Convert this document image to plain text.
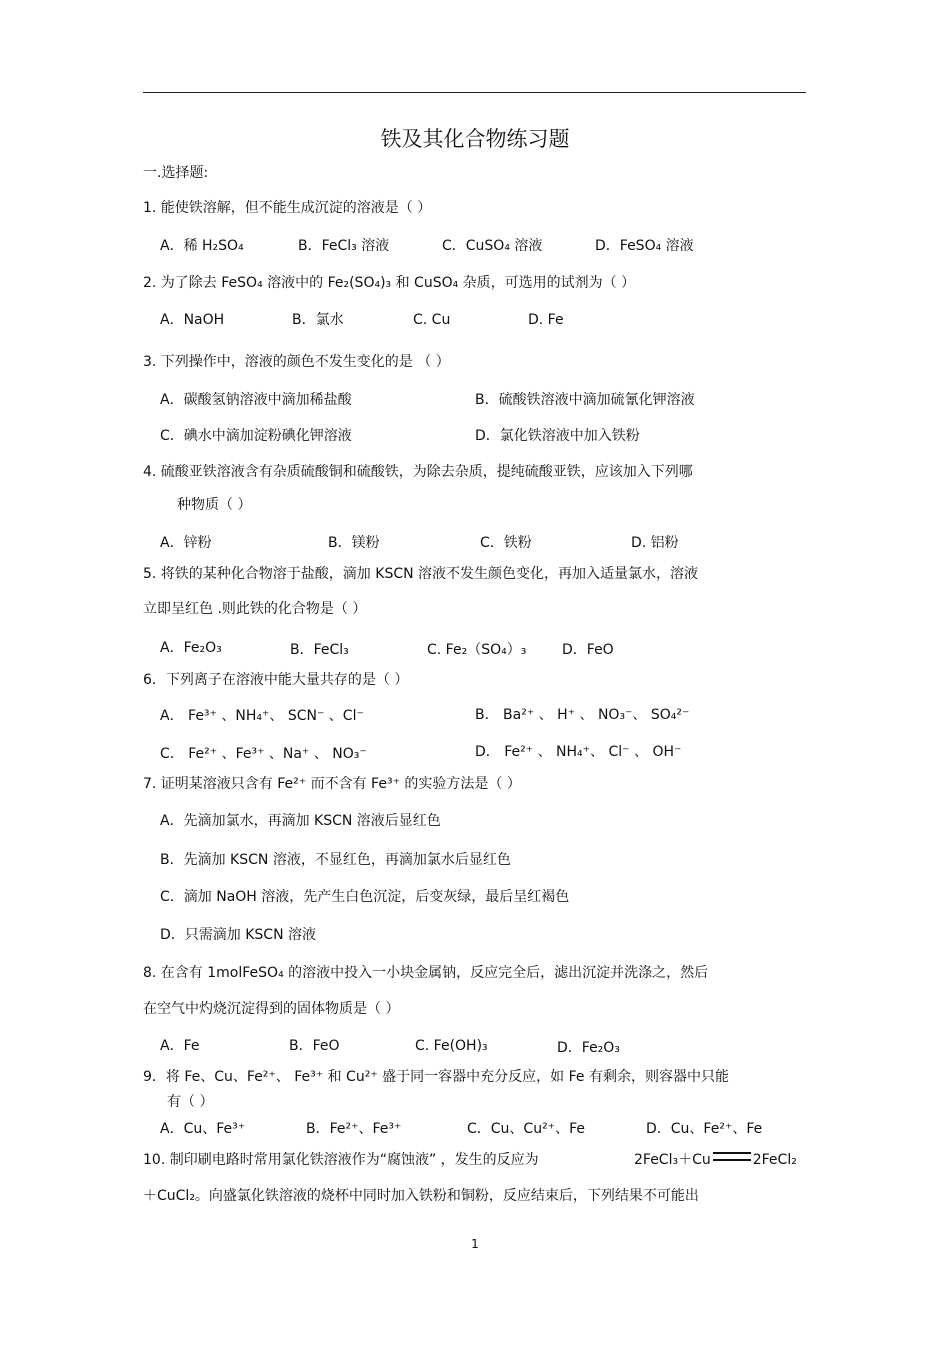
铁及其化合物练习题
一.选择题:
1. 能使铁溶解，但不能生成沉淀的溶液是（ ）
A．稀 H₂SO₄	B．FeCl₃ 溶液	C．CuSO₄ 溶液	D．FeSO₄ 溶液
2. 为了除去 FeSO₄ 溶液中的 Fe₂(SO₄)₃ 和 CuSO₄ 杂质，可选用的试剂为（ ）
A．NaOH	B．氯水	C. Cu	D. Fe
3. 下列操作中，溶液的颜色不发生变化的是 （ ）
A．碳酸氢钠溶液中滴加稀盐酸	B．硫酸铁溶液中滴加硫氰化钾溶液
C．碘水中滴加淀粉碘化钾溶液	D．氯化铁溶液中加入铁粉
4. 硫酸亚铁溶液含有杂质硫酸铜和硫酸铁，为除去杂质，提纯硫酸亚铁，应该加入下列哪
种物质（ ）
A．锌粉	B．镁粉	C．铁粉	D. 铝粉
5. 将铁的某种化合物溶于盐酸，滴加 KSCN 溶液不发生颜色变化，再加入适量氯水，溶液
立即呈红色 .则此铁的化合物是（ ）
A．Fe₂O₃	B．FeCl₃	C. Fe₂（SO₄）₃	D．FeO
6．下列离子在溶液中能大量共存的是（ ）
A． Fe³⁺ 、NH₄⁺、 SCN⁻ 、Cl⁻	B． Ba²⁺ 、 H⁺ 、 NO₃⁻、 SO₄²⁻
C． Fe²⁺ 、Fe³⁺ 、Na⁺ 、 NO₃⁻	D． Fe²⁺ 、 NH₄⁺、 Cl⁻ 、 OH⁻
7. 证明某溶液只含有 Fe²⁺ 而不含有 Fe³⁺ 的实验方法是（ ）
A．先滴加氯水，再滴加 KSCN 溶液后显红色
B．先滴加 KSCN 溶液，不显红色，再滴加氯水后显红色
C．滴加 NaOH 溶液，先产生白色沉淀，后变灰绿，最后呈红褐色
D．只需滴加 KSCN 溶液
8. 在含有 1molFeSO₄ 的溶液中投入一小块金属钠，反应完全后，滤出沉淀并洗涤之，然后
在空气中灼烧沉淀得到的固体物质是（ ）
A．Fe	B．FeO	C. Fe(OH)₃	D．Fe₂O₃
9．将 Fe、Cu、Fe²⁺、 Fe³⁺ 和 Cu²⁺ 盛于同一容器中充分反应，如 Fe 有剩余，则容器中只能
有（ ）
A．Cu、Fe³⁺	B．Fe²⁺、Fe³⁺	C．Cu、Cu²⁺、Fe	D．Cu、Fe²⁺、Fe
10. 制印刷电路时常用氯化铁溶液作为“腐蚀液” ，发生的反应为	2FeCl₃＋Cu	2FeCl₂
＋CuCl₂。向盛氯化铁溶液的烧杯中同时加入铁粉和铜粉，反应结束后，下列结果不可能出
1
